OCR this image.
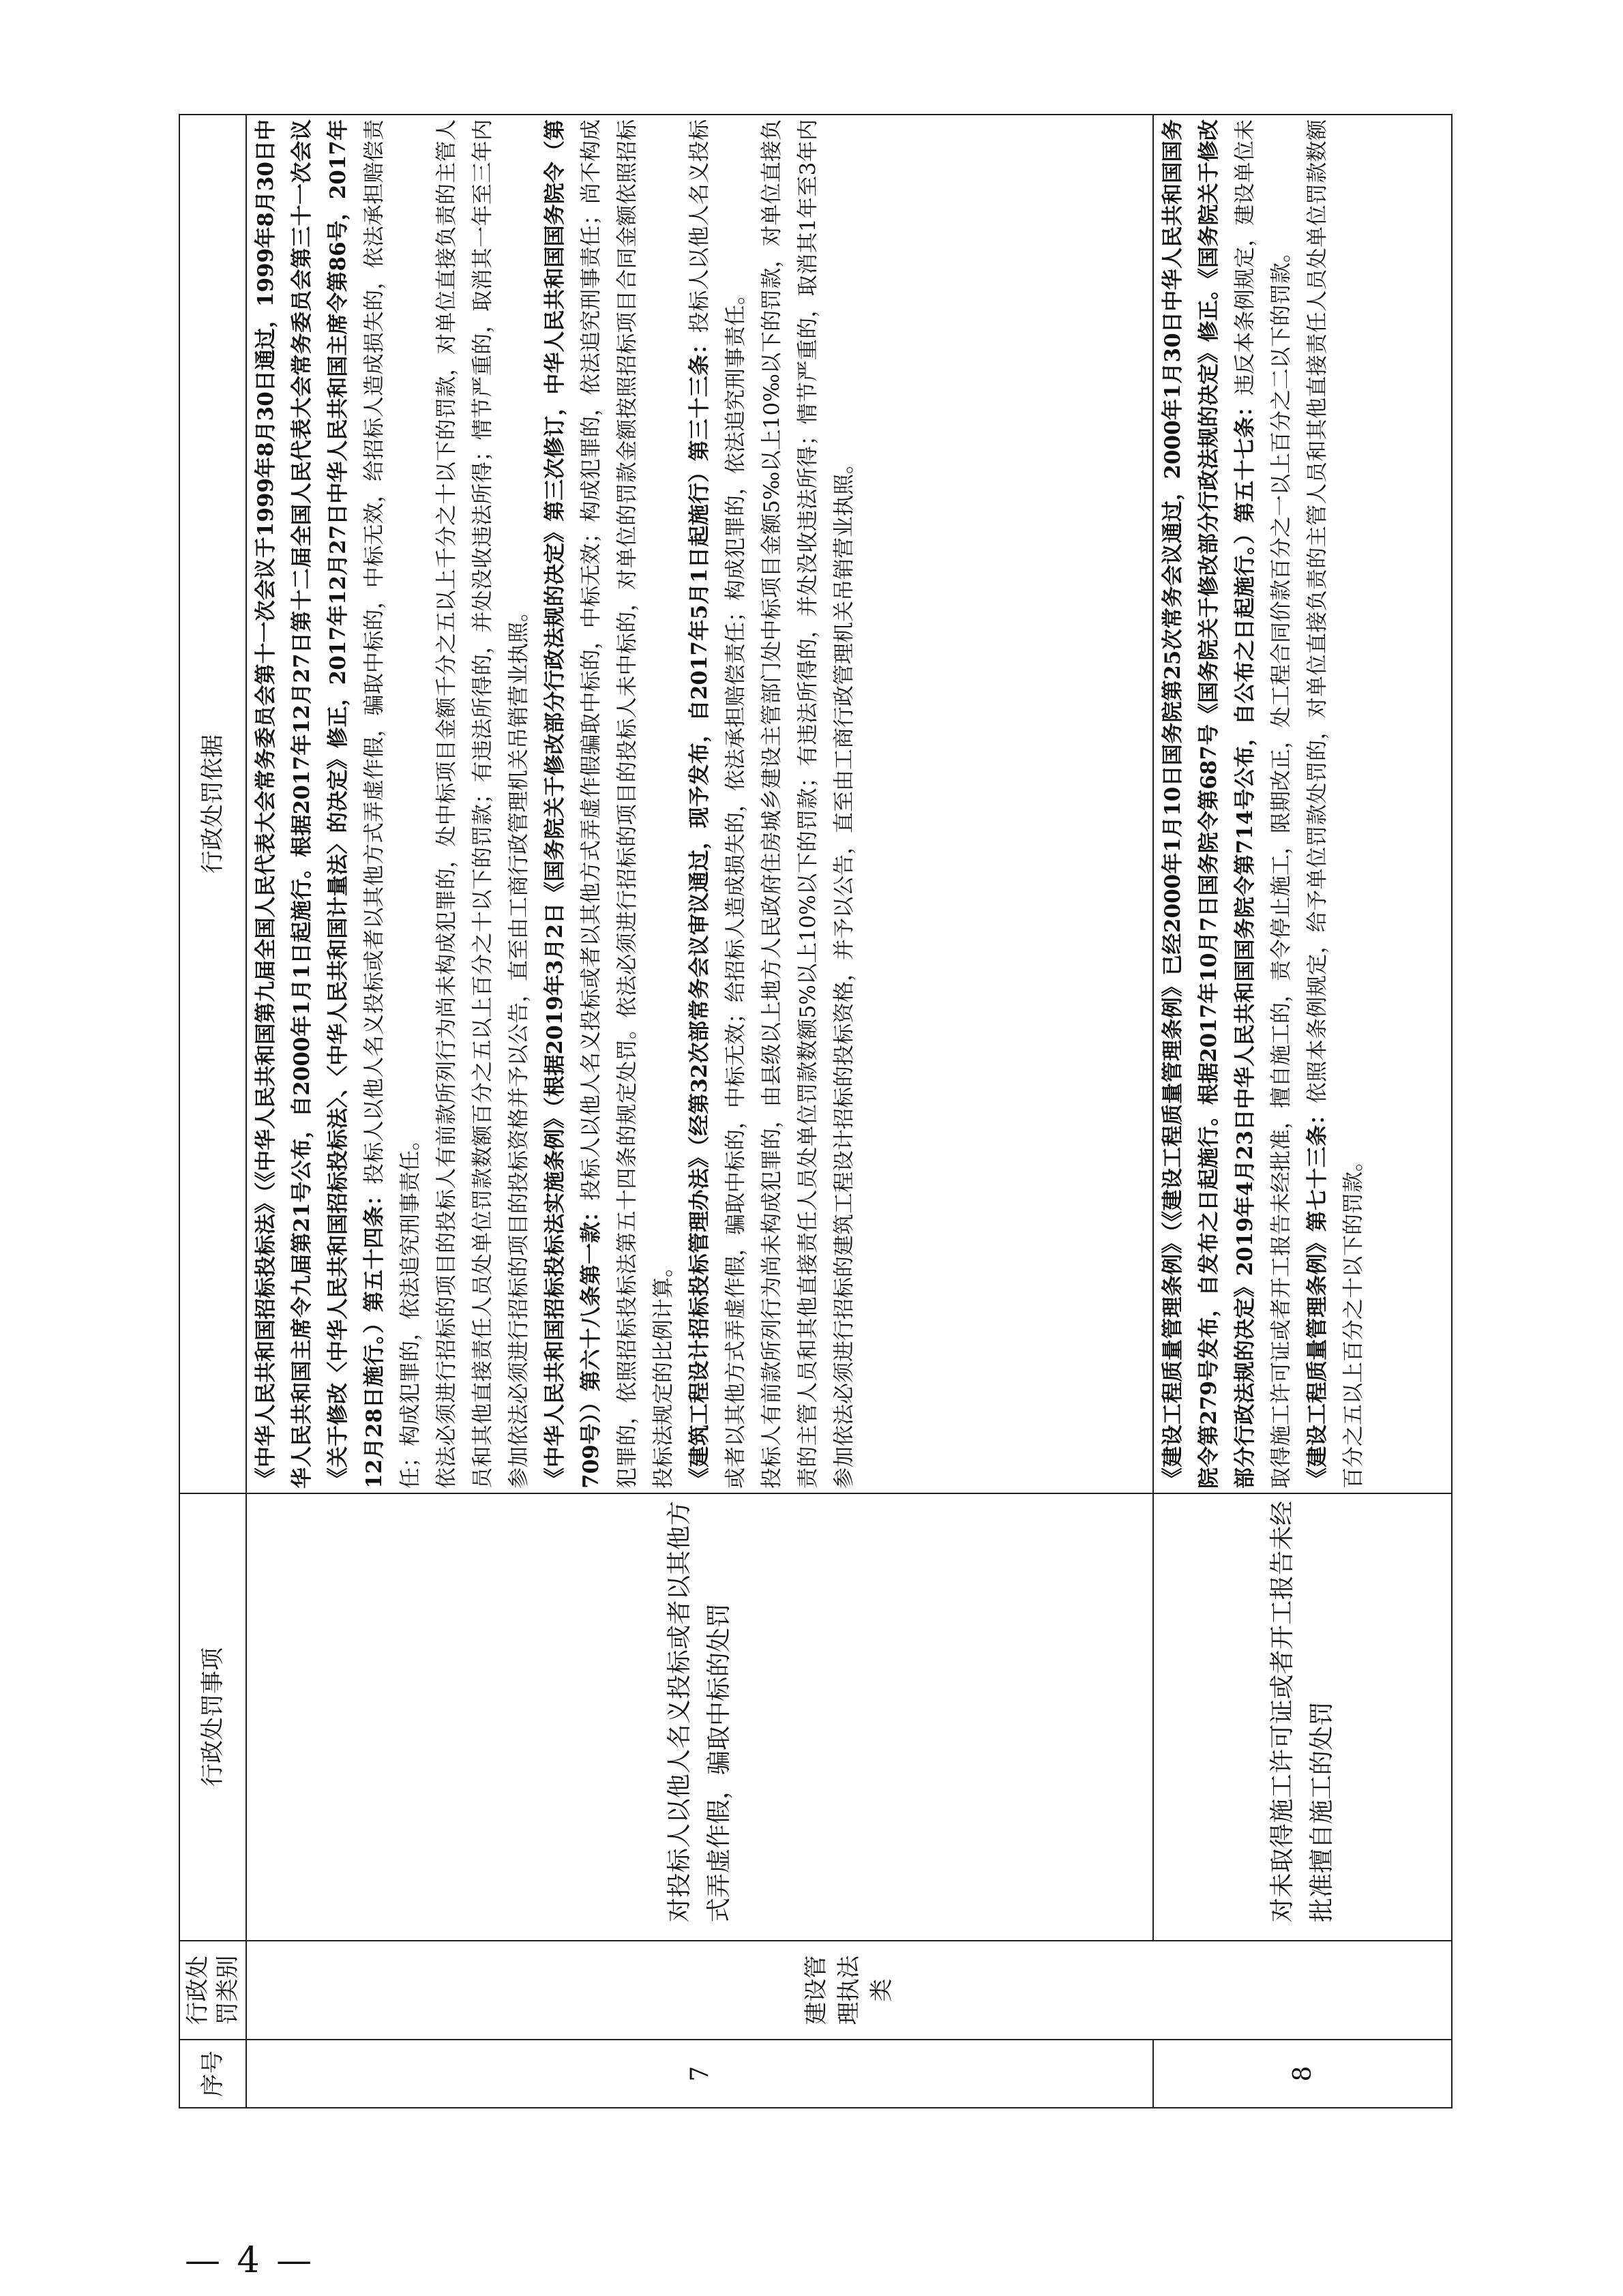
序号	行政处罚类别	行政处罚事项	行政处罚依据
7	建设管理执法类	对投标人以他人名义投标或者以其他方式弄虚作假，骗取中标的处罚	《中华人民共和国招标投标法》（《中华人民共和国第九届全国人民代表大会常务委员会第十一次会议于1999年8月30日通过，1999年8月30日中华人民共和国主席令九届第21号公布，自2000年1月1日起施行。根据2017年12月27日第十二届全国人民代表大会常务委员会第三十一次会议《关于修改〈中华人民共和国招标投标法〉、〈中华人民共和国计量法〉的决定》修正，2017年12月27日中华人民共和国主席令第86号，2017年12月28日施行。）第五十四条：投标人以他人名义投标或者以其他方式弄虚作假，骗取中标的，中标无效，给招标人造成损失的，依法承担赔偿责任；构成犯罪的，依法追究刑事责任。 依法必须进行招标的项目的投标人有前款所列行为尚未构成犯罪的，处中标项目金额千分之五以上千分之十以下的罚款，对单位直接负责的主管人员和其他直接责任人员处单位罚款数额百分之五以上百分之十以下的罚款；有违法所得的，并处没收违法所得；情节严重的，取消其一年至三年内参加依法必须进行招标的项目的投标资格并予以公告，直至由工商行政管理机关吊销营业执照。 《中华人民共和国招标投标法实施条例》（根据2019年3月2日《国务院关于修改部分行政法规的决定》第三次修订，中华人民共和国国务院令（第709号））第六十八条第一款：投标人以他人名义投标或者以其他方式弄虚作假骗取中标的，中标无效；构成犯罪的，依法追究刑事责任；尚不构成犯罪的，依照招标投标法第五十四条的规定处罚。依法必须进行招标的项目的投标人未中标的，对单位的罚款金额按照招标项目合同金额依照招标投标法规定的比例计算。 《建筑工程设计招标投标管理办法》（经第32次部常务会议审议通过，现予发布，自2017年5月1日起施行）第三十三条：投标人以他人名义投标或者以其他方式弄虚作假，骗取中标的，中标无效；给招标人造成损失的，依法承担赔偿责任；构成犯罪的，依法追究刑事责任。 投标人有前款所列行为尚未构成犯罪的，由县级以上地方人民政府住房城乡建设主管部门处中标项目金额5‰以上10‰以下的罚款，对单位直接负责的主管人员和其他直接责任人员处单位罚款数额5%以上10%以下的罚款；有违法所得的，并处没收违法所得；情节严重的，取消其1年至3年内参加依法必须进行招标的建筑工程设计招标的投标资格，并予以公告，直至由工商行政管理机关吊销营业执照。

8		对未取得施工许可证或者开工报告未经批准擅自施工的处罚	《建设工程质量管理条例》（《建设工程质量管理条例》已经2000年1月10日国务院第25次常务会议通过，2000年1月30日中华人民共和国国务院令第279号发布，自发布之日起施行。根据2017年10月7日国务院令第687号《国务院关于修改部分行政法规的决定》修正。《国务院关于修改部分行政法规的决定》2019年4月23日中华人民共和国国务院令第714号公布，自公布之日起施行。）第五十七条：违反本条例规定，建设单位未取得施工许可证或者开工报告未经批准，擅自施工的，责令停止施工，限期改正，处工程合同价款百分之一以上百分之二以下的罚款。 《建设工程质量管理条例》第七十三条：依照本条例规定，给予单位罚款处罚的，对单位直接负责的主管人员和其他直接责任人员处单位罚款数额百分之五以上百分之十以下的罚款。

— 4 —
